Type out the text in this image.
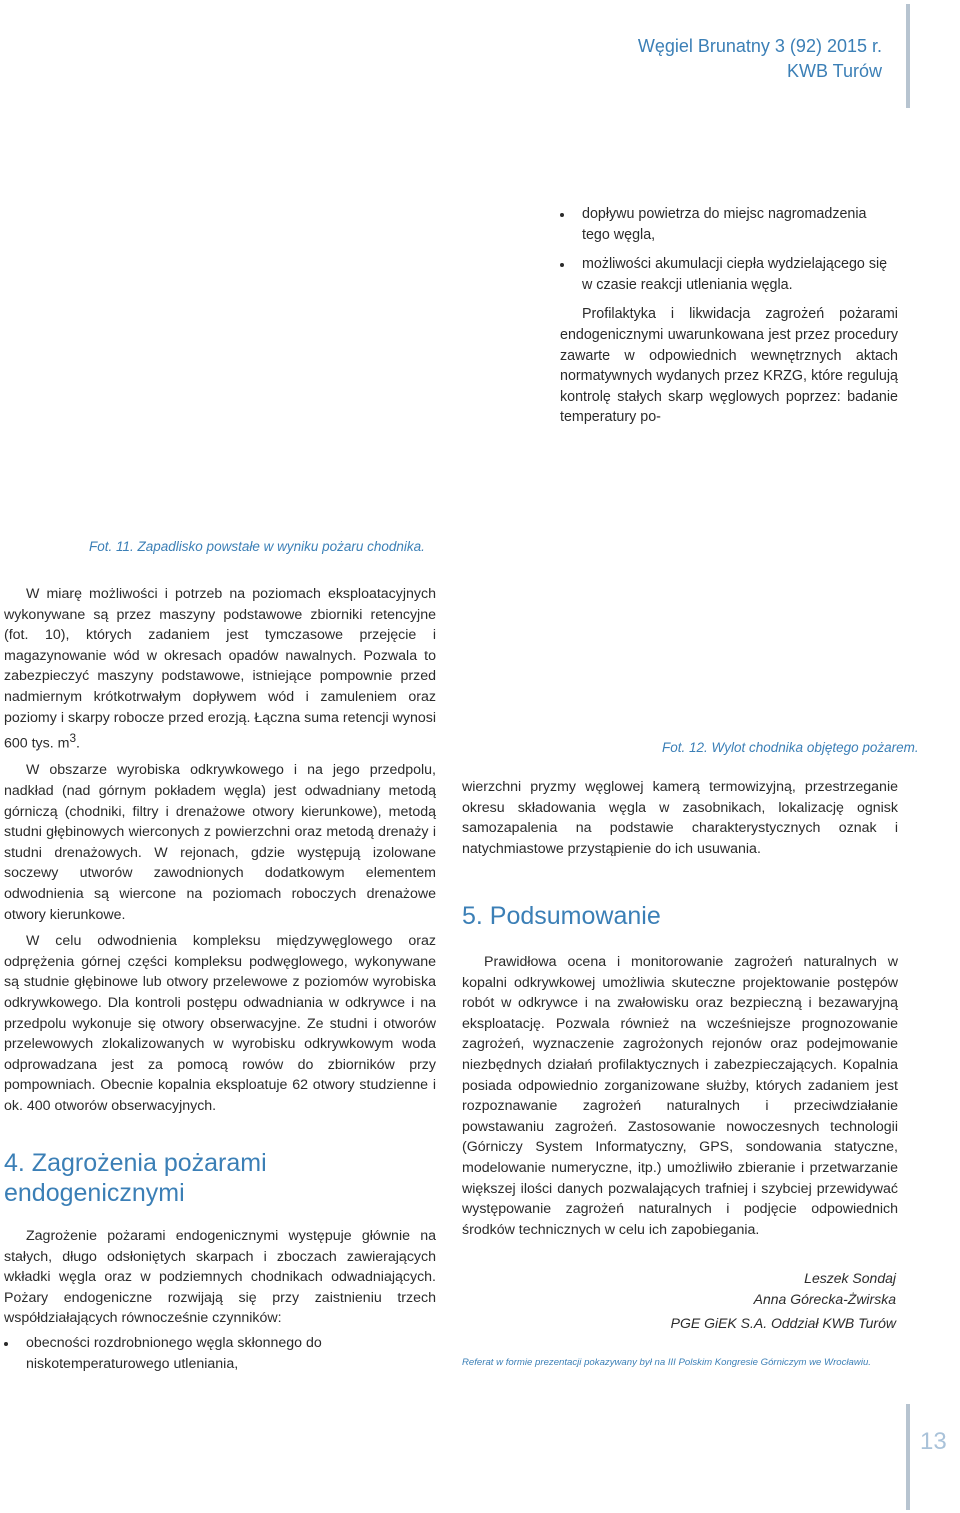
Węgiel Brunatny 3 (92) 2015 r.
KWB Turów
dopływu powietrza do miejsc nagromadzenia tego węgla,
możliwości akumulacji ciepła wydzielającego się w czasie reakcji utleniania węgla.

Profilaktyka i likwidacja zagrożeń pożarami endogenicznymi uwarunkowana jest przez procedury zawarte w odpowiednich wewnętrznych aktach normatywnych wydanych przez KRZG, które regulują kontrolę stałych skarp węglowych poprzez: badanie temperatury po-

Fot. 11. Zapadlisko powstałe w wyniku pożaru chodnika.
Fot. 12. Wylot chodnika objętego pożarem.

W miarę możliwości i potrzeb na poziomach eksploatacyjnych wykonywane są przez maszyny podstawowe zbiorniki retencyjne (fot. 10), których zadaniem jest tymczasowe przejęcie i magazynowanie wód w okresach opadów nawalnych. Pozwala to zabezpieczyć maszyny podstawowe, istniejące pompownie przed nadmiernym krótkotrwałym dopływem wód i zamuleniem oraz poziomy i skarpy robocze przed erozją. Łączna suma retencji wynosi 600 tys. $m^3$.

W obszarze wyrobiska odkrywkowego i na jego przedpolu, nadkład (nad górnym pokładem węgla) jest odwadniany metodą górniczą (chodniki, filtry i drenażowe otwory kierunkowe), metodą studni głębinowych wierconych z powierzchni oraz metodą drenaży i studni drenażowych. W rejonach, gdzie występują izolowane soczewy utworów zawodnionych dodatkowym elementem odwodnienia są wiercone na poziomach roboczych drenażowe otwory kierunkowe.

W celu odwodnienia kompleksu międzywęglowego oraz odprężenia górnej części kompleksu podwęglowego, wykonywane są studnie głębinowe lub otwory przelewowe z poziomów wyrobiska odkrywkowego. Dla kontroli postępu odwadniania w odkrywce i na przedpolu wykonuje się otwory obserwacyjne. Ze studni i otworów przelewowych zlokalizowanych w wyrobisku odkrywkowym woda odprowadzana jest za pomocą rowów do zbiorników przy pompowniach. Obecnie kopalnia eksploatuje 62 otwory studzienne i ok. 400 otworów obserwacyjnych.

4. Zagrożenia pożarami endogenicznymi

Zagrożenie pożarami endogenicznymi występuje głównie na stałych, długo odsłoniętych skarpach i zboczach zawierających wkładki węgla oraz w podziemnych chodnikach odwadniających. Pożary endogeniczne rozwijają się przy zaistnieniu trzech współdziałających równocześnie czynników:

obecności rozdrobnionego węgla skłonnego do niskotemperaturowego utleniania,

wierzchni pryzmy węglowej kamerą termowizyjną, przestrzeganie okresu składowania węgla w zasobnikach, lokalizację ognisk samozapalenia na podstawie charakterystycznych oznak i natychmiastowe przystąpienie do ich usuwania.

5. Podsumowanie

Prawidłowa ocena i monitorowanie zagrożeń naturalnych w kopalni odkrywkowej umożliwia skuteczne projektowanie postępów robót w odkrywce i na zwałowisku oraz bezpieczną i bezawaryjną eksploatację. Pozwala również na wcześniejsze prognozowanie zagrożeń, wyznaczenie zagrożonych rejonów oraz podejmowanie niezbędnych działań profilaktycznych i zabezpieczających. Kopalnia posiada odpowiednio zorganizowane służby, których zadaniem jest rozpoznawanie zagrożeń naturalnych i przeciwdziałanie powstawaniu zagrożeń. Zastosowanie nowoczesnych technologii (Górniczy System Informatyczny, GPS, sondowania statyczne, modelowanie numeryczne, itp.) umożliwiło zbieranie i przetwarzanie większej ilości danych pozwalających trafniej i szybciej przewidywać występowanie zagrożeń naturalnych i podjęcie odpowiednich środków technicznych w celu ich zapobiegania.

Leszek Sondaj
Anna Górecka-Żwirska
PGE GiEK S.A. Oddział KWB Turów
Referat w formie prezentacji pokazywany był na III Polskim Kongresie Górniczym we Wrocławiu.
13
